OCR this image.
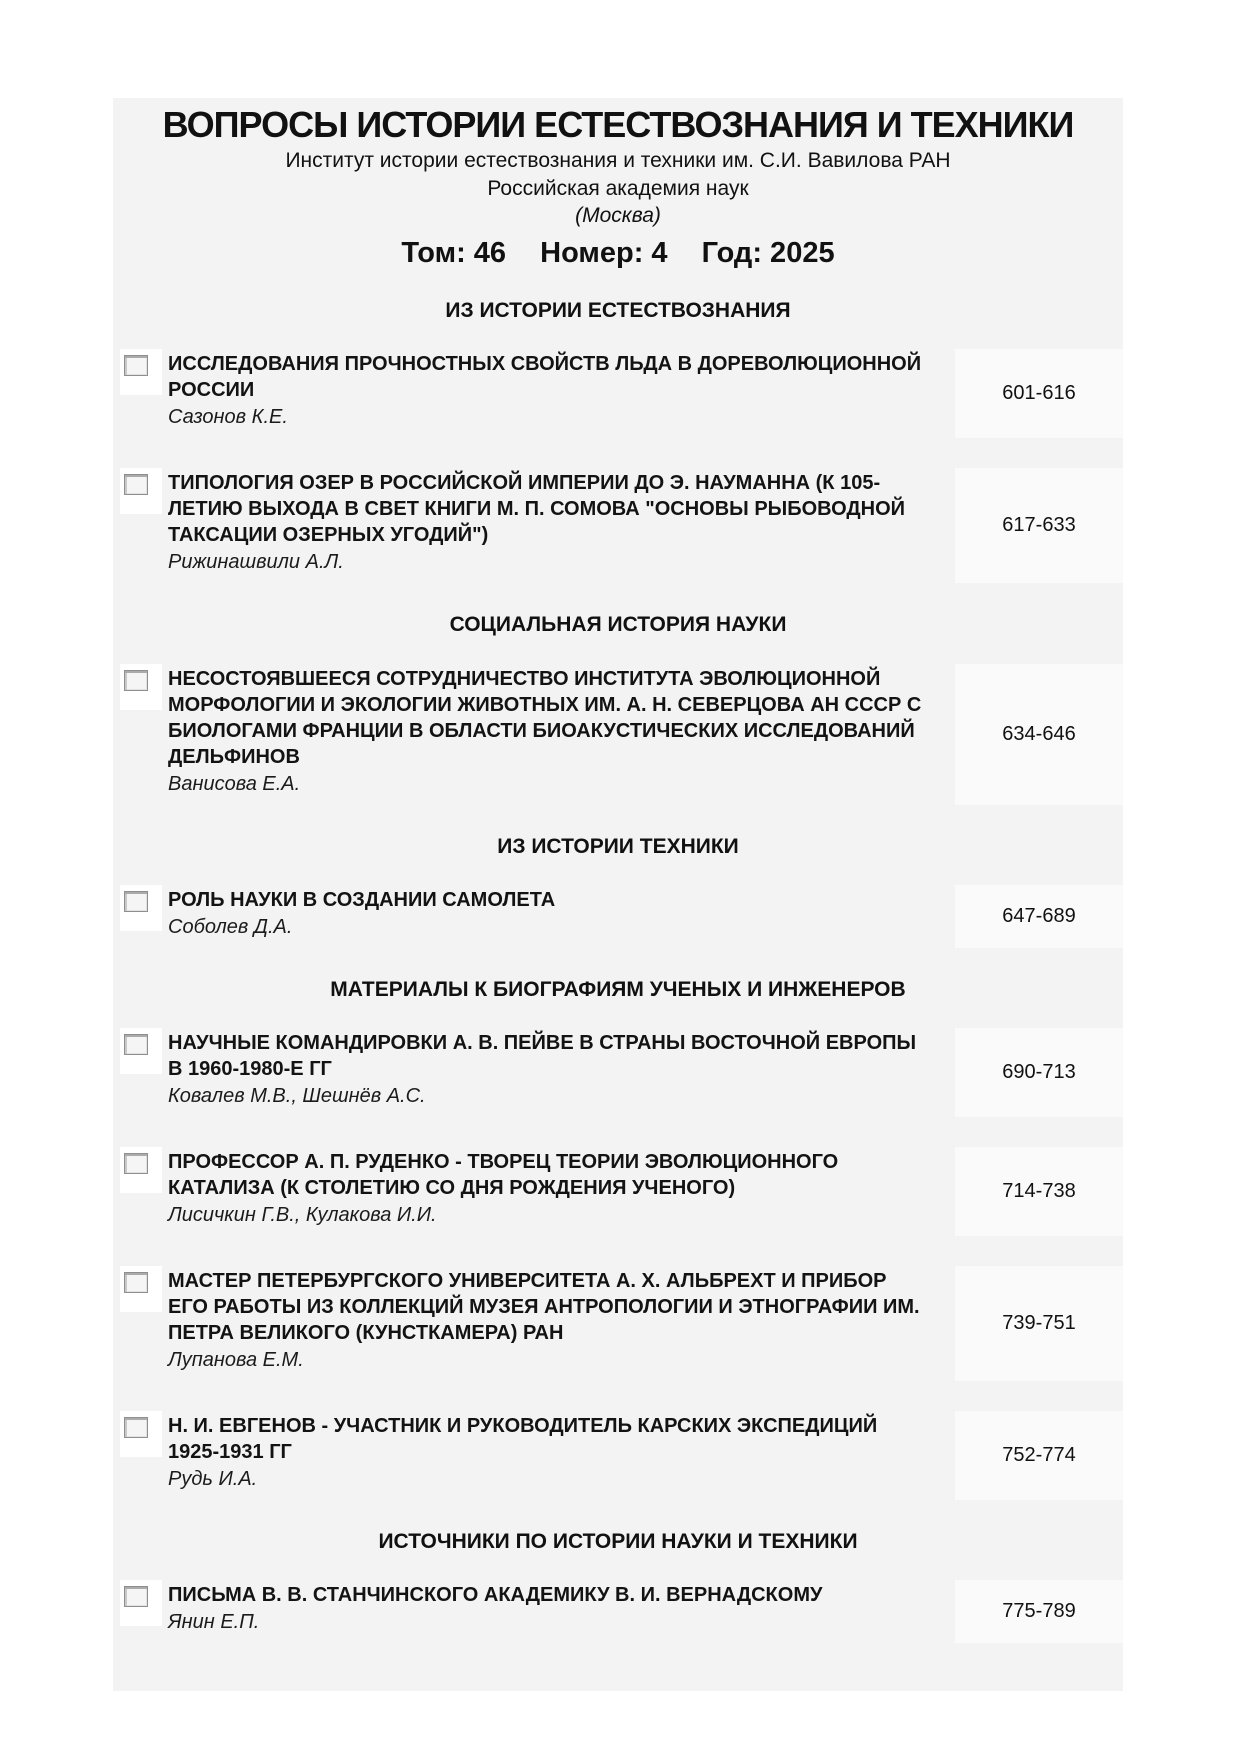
ВОПРОСЫ ИСТОРИИ ЕСТЕСТВОЗНАНИЯ И ТЕХНИКИ
Институт истории естествознания и техники им. С.И. Вавилова РАН
Российская академия наук
(Москва)
Том: 46 Номер: 4 Год: 2025
ИЗ ИСТОРИИ ЕСТЕСТВОЗНАНИЯ
ИССЛЕДОВАНИЯ ПРОЧНОСТНЫХ СВОЙСТВ ЛЬДА В ДОРЕВОЛЮЦИОННОЙ РОССИИ
Сазонов К.Е.
601-616
ТИПОЛОГИЯ ОЗЕР В РОССИЙСКОЙ ИМПЕРИИ ДО Э. НАУМАННА (К 105-ЛЕТИЮ ВЫХОДА В СВЕТ КНИГИ М. П. СОМОВА "ОСНОВЫ РЫБОВОДНОЙ ТАКСАЦИИ ОЗЕРНЫХ УГОДИЙ")
Рижинашвили А.Л.
617-633
СОЦИАЛЬНАЯ ИСТОРИЯ НАУКИ
НЕСОСТОЯВШЕЕСЯ СОТРУДНИЧЕСТВО ИНСТИТУТА ЭВОЛЮЦИОННОЙ МОРФОЛОГИИ И ЭКОЛОГИИ ЖИВОТНЫХ ИМ. А. Н. СЕВЕРЦОВА АН СССР С БИОЛОГАМИ ФРАНЦИИ В ОБЛАСТИ БИОАКУСТИЧЕСКИХ ИССЛЕДОВАНИЙ ДЕЛЬФИНОВ
Ванисова Е.А.
634-646
ИЗ ИСТОРИИ ТЕХНИКИ
РОЛЬ НАУКИ В СОЗДАНИИ САМОЛЕТА
Соболев Д.А.	647-689
МАТЕРИАЛЫ К БИОГРАФИЯМ УЧЕНЫХ И ИНЖЕНЕРОВ
НАУЧНЫЕ КОМАНДИРОВКИ А. В. ПЕЙВЕ В СТРАНЫ ВОСТОЧНОЙ ЕВРОПЫ В 1960-1980-Е ГГ
Ковалев М.В., Шешнёв А.С.
690-713
ПРОФЕССОР А. П. РУДЕНКО - ТВОРЕЦ ТЕОРИИ ЭВОЛЮЦИОННОГО КАТАЛИЗА (К СТОЛЕТИЮ СО ДНЯ РОЖДЕНИЯ УЧЕНОГО)
Лисичкин Г.В., Кулакова И.И.
714-738
МАСТЕР ПЕТЕРБУРГСКОГО УНИВЕРСИТЕТА А. Х. АЛЬБРЕХТ И ПРИБОР ЕГО РАБОТЫ ИЗ КОЛЛЕКЦИЙ МУЗЕЯ АНТРОПОЛОГИИ И ЭТНОГРАФИИ ИМ. ПЕТРА ВЕЛИКОГО (КУНСТКАМЕРА) РАН
Лупанова Е.М.
739-751
Н. И. ЕВГЕНОВ - УЧАСТНИК И РУКОВОДИТЕЛЬ КАРСКИХ ЭКСПЕДИЦИЙ 1925-1931 ГГ
Рудь И.А.
752-774
ИСТОЧНИКИ ПО ИСТОРИИ НАУКИ И ТЕХНИКИ
ПИСЬМА В. В. СТАНЧИНСКОГО АКАДЕМИКУ В. И. ВЕРНАДСКОМУ
Янин Е.П.	775-789
